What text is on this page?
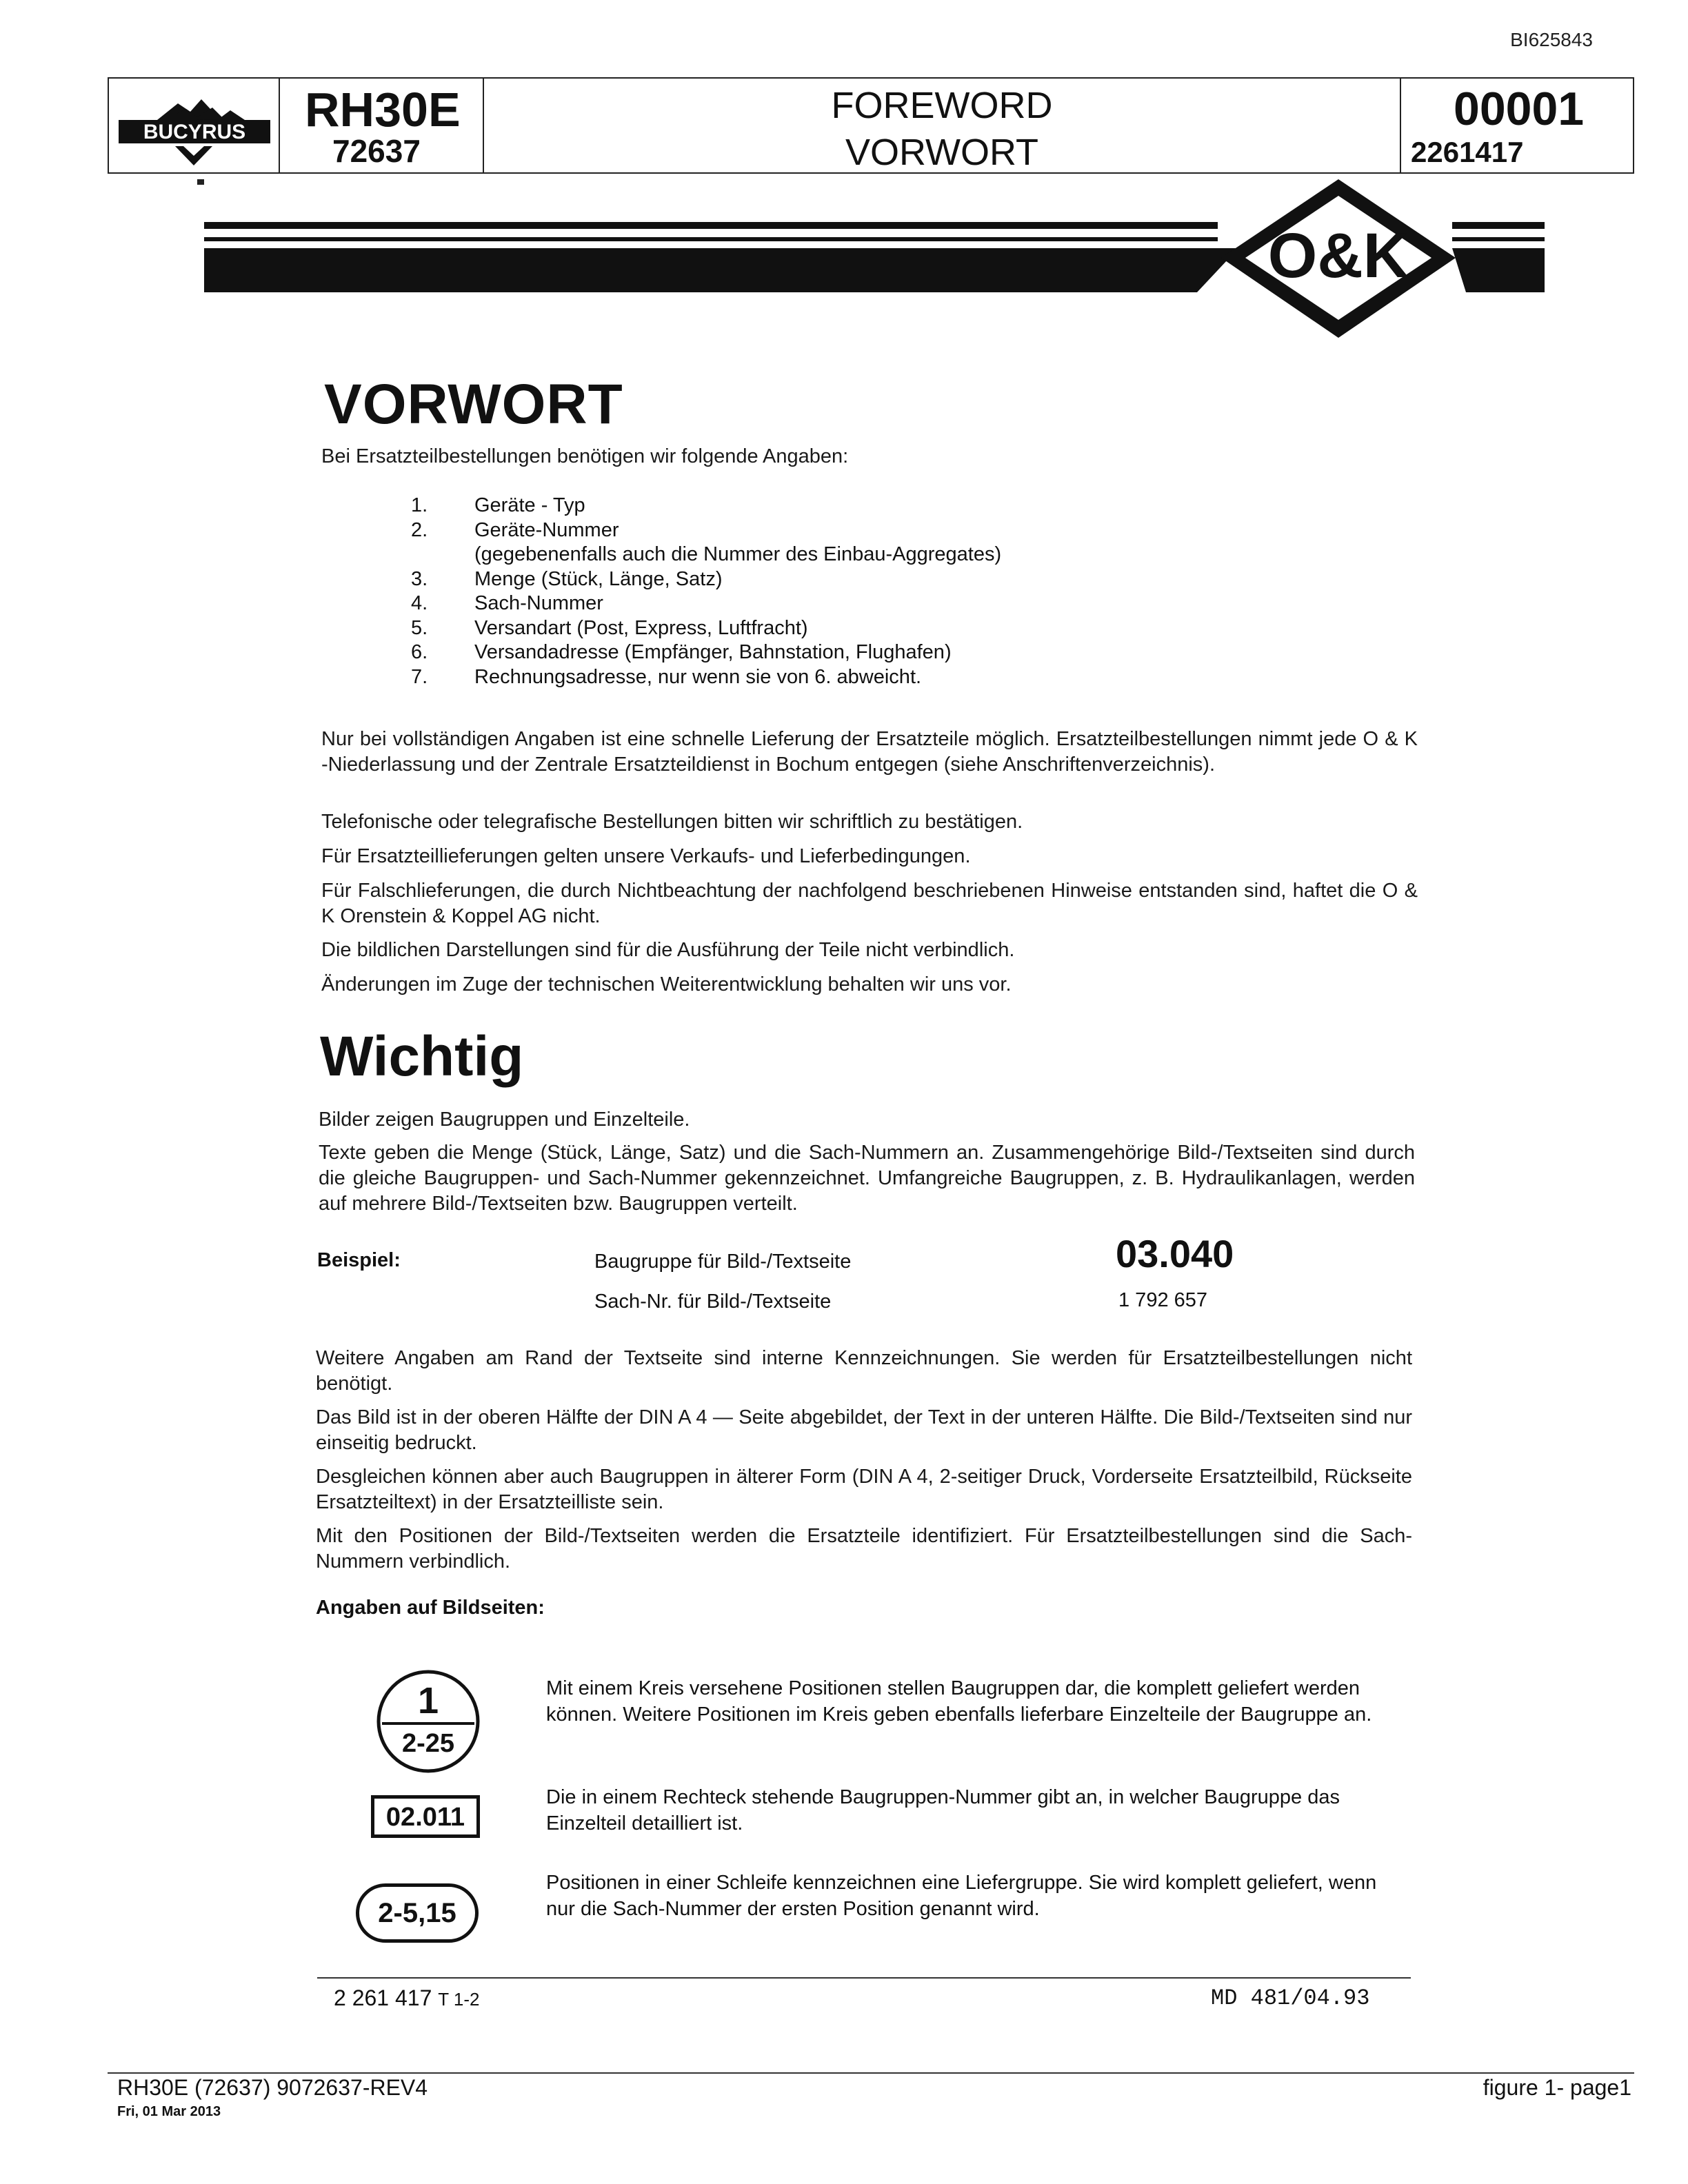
BI625843
BUCYRUS RH30E
72637
FOREWORD
VORWORT
00001
2261417
O&K
VORWORT
Bei Ersatzteilbestellungen benötigen wir folgende Angaben:
1.	Geräte - Typ
2.	Geräte-Nummer
(gegebenenfalls auch die Nummer des Einbau-Aggregates)
3.	Menge (Stück, Länge, Satz)
4.	Sach-Nummer
5.	Versandart (Post, Express, Luftfracht)
6.	Versandadresse (Empfänger, Bahnstation, Flughafen)
7.	Rechnungsadresse, nur wenn sie von 6. abweicht.
Nur bei vollständigen Angaben ist eine schnelle Lieferung der Ersatzteile möglich. Ersatzteilbestellungen nimmt jede O & K -Niederlassung und der Zentrale Ersatzteildienst in Bochum entgegen (siehe Anschriftenverzeichnis).
Telefonische oder telegrafische Bestellungen bitten wir schriftlich zu bestätigen.
Für Ersatzteillieferungen gelten unsere Verkaufs- und Lieferbedingungen.
Für Falschlieferungen, die durch Nichtbeachtung der nachfolgend beschriebenen Hinweise entstanden sind, haftet die O & K Orenstein & Koppel AG nicht.
Die bildlichen Darstellungen sind für die Ausführung der Teile nicht verbindlich.
Änderungen im Zuge der technischen Weiterentwicklung behalten wir uns vor.
Wichtig
Bilder zeigen Baugruppen und Einzelteile.
Texte geben die Menge (Stück, Länge, Satz) und die Sach-Nummern an. Zusammengehörige Bild-/Textseiten sind durch die gleiche Baugruppen- und Sach-Nummer gekennzeichnet. Umfangreiche Baugruppen, z. B. Hydraulikanlagen, werden auf mehrere Bild-/Textseiten bzw. Baugruppen verteilt.
Beispiel:	Baugruppe für Bild-/Textseite	03.040
Sach-Nr. für Bild-/Textseite	1 792 657
Weitere Angaben am Rand der Textseite sind interne Kennzeichnungen. Sie werden für Ersatzteilbestellungen nicht benötigt.
Das Bild ist in der oberen Hälfte der DIN A 4 — Seite abgebildet, der Text in der unteren Hälfte. Die Bild-/Textseiten sind nur einseitig bedruckt.
Desgleichen können aber auch Baugruppen in älterer Form (DIN A 4, 2-seitiger Druck, Vorderseite Ersatzteilbild, Rückseite Ersatzteiltext) in der Ersatzteilliste sein.
Mit den Positionen der Bild-/Textseiten werden die Ersatzteile identifiziert. Für Ersatzteilbestellungen sind die Sach-Nummern verbindlich.
Angaben auf Bildseiten:
1
2-25
Mit einem Kreis versehene Positionen stellen Baugruppen dar, die komplett geliefert werden können. Weitere Positionen im Kreis geben ebenfalls lieferbare Einzelteile der Baugruppe an.
02.011
Die in einem Rechteck stehende Baugruppen-Nummer gibt an, in welcher Baugruppe das Einzelteil detailliert ist.
2-5,15
Positionen in einer Schleife kennzeichnen eine Liefergruppe. Sie wird komplett geliefert, wenn nur die Sach-Nummer der ersten Position genannt wird.
2 261 417 T 1-2	MD 481/04.93
RH30E (72637) 9072637-REV4
Fri, 01 Mar 2013
figure 1- page1
